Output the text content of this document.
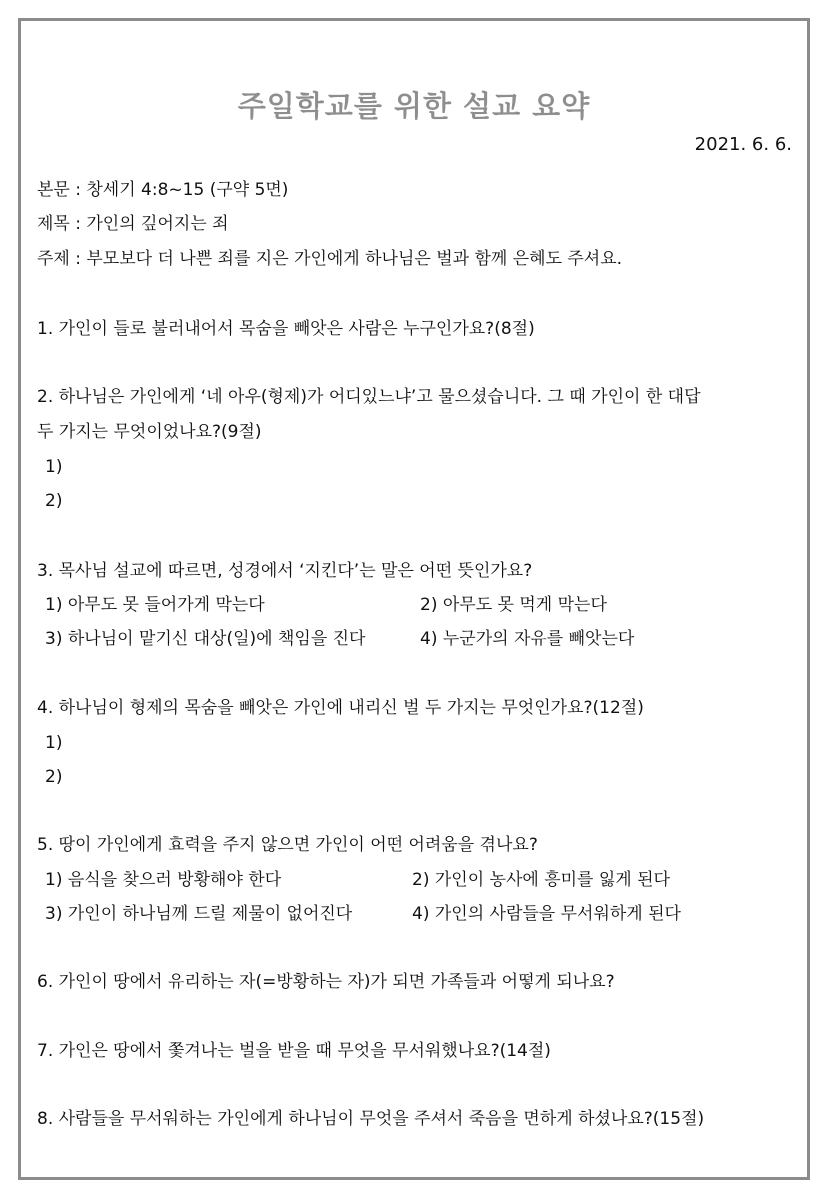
주일학교를 위한 설교 요약
2021. 6. 6.
본문 : 창세기 4:8~15 (구약 5면)
제목 : 가인의 깊어지는 죄
주제 : 부모보다 더 나쁜 죄를 지은 가인에게 하나님은 벌과 함께 은혜도 주셔요.
1. 가인이 들로 불러내어서 목숨을 빼앗은 사람은 누구인가요?(8절)
2. 하나님은 가인에게 ‘네 아우(형제)가 어디있느냐’고 물으셨습니다. 그 때 가인이 한 대답
두 가지는 무엇이었나요?(9절)
1)
2)
3. 목사님 설교에 따르면, 성경에서 ‘지킨다’는 말은 어떤 뜻인가요?
1) 아무도 못 들어가게 막는다	2) 아무도 못 먹게 막는다
3) 하나님이 맡기신 대상(일)에 책임을 진다	4) 누군가의 자유를 빼앗는다
4. 하나님이 형제의 목숨을 빼앗은 가인에 내리신 벌 두 가지는 무엇인가요?(12절)
1)
2)
5. 땅이 가인에게 효력을 주지 않으면 가인이 어떤 어려움을 겪나요?
1) 음식을 찾으러 방황해야 한다	2) 가인이 농사에 흥미를 잃게 된다
3) 가인이 하나님께 드릴 제물이 없어진다	4) 가인의 사람들을 무서워하게 된다
6. 가인이 땅에서 유리하는 자(=방황하는 자)가 되면 가족들과 어떻게 되나요?
7. 가인은 땅에서 쫓겨나는 벌을 받을 때 무엇을 무서워했나요?(14절)
8. 사람들을 무서워하는 가인에게 하나님이 무엇을 주셔서 죽음을 면하게 하셨나요?(15절)
